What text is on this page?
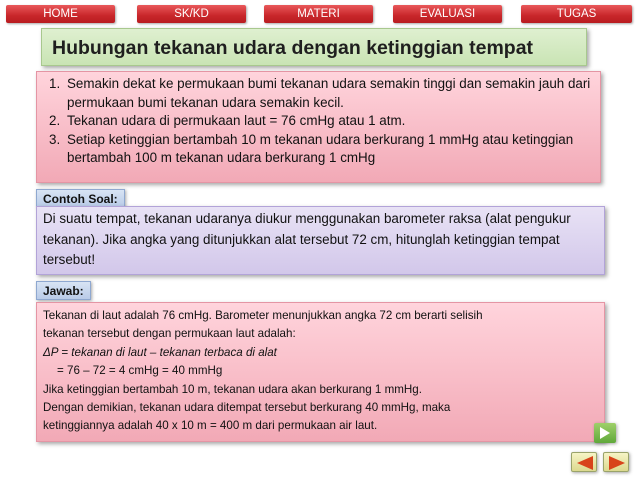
HOME	SK/KD	MATERI	EVALUASI	TUGAS
Hubungan tekanan udara dengan ketinggian tempat
1. Semakin dekat ke permukaan bumi tekanan udara semakin tinggi dan semakin jauh dari permukaan bumi tekanan udara semakin kecil.
2. Tekanan udara di permukaan laut = 76 cmHg atau 1 atm.
3. Setiap ketinggian bertambah 10 m tekanan udara berkurang 1 mmHg atau ketinggian bertambah 100 m tekanan udara berkurang 1 cmHg
Contoh Soal:
Di suatu tempat, tekanan udaranya diukur menggunakan barometer raksa (alat pengukur tekanan). Jika angka yang ditunjukkan alat tersebut 72 cm, hitunglah ketinggian tempat tersebut!
Jawab:
Tekanan di laut adalah 76 cmHg. Barometer menunjukkan angka 72 cm berarti selisih
tekanan tersebut dengan permukaan laut adalah:
ΔP = tekanan di laut – tekanan terbaca di alat
= 76 – 72 = 4 cmHg = 40 mmHg
Jika ketinggian bertambah 10 m, tekanan udara akan berkurang 1 mmHg.
Dengan demikian, tekanan udara ditempat tersebut berkurang 40 mmHg, maka
ketinggiannya adalah 40 x 10 m = 400 m dari permukaan air laut.
